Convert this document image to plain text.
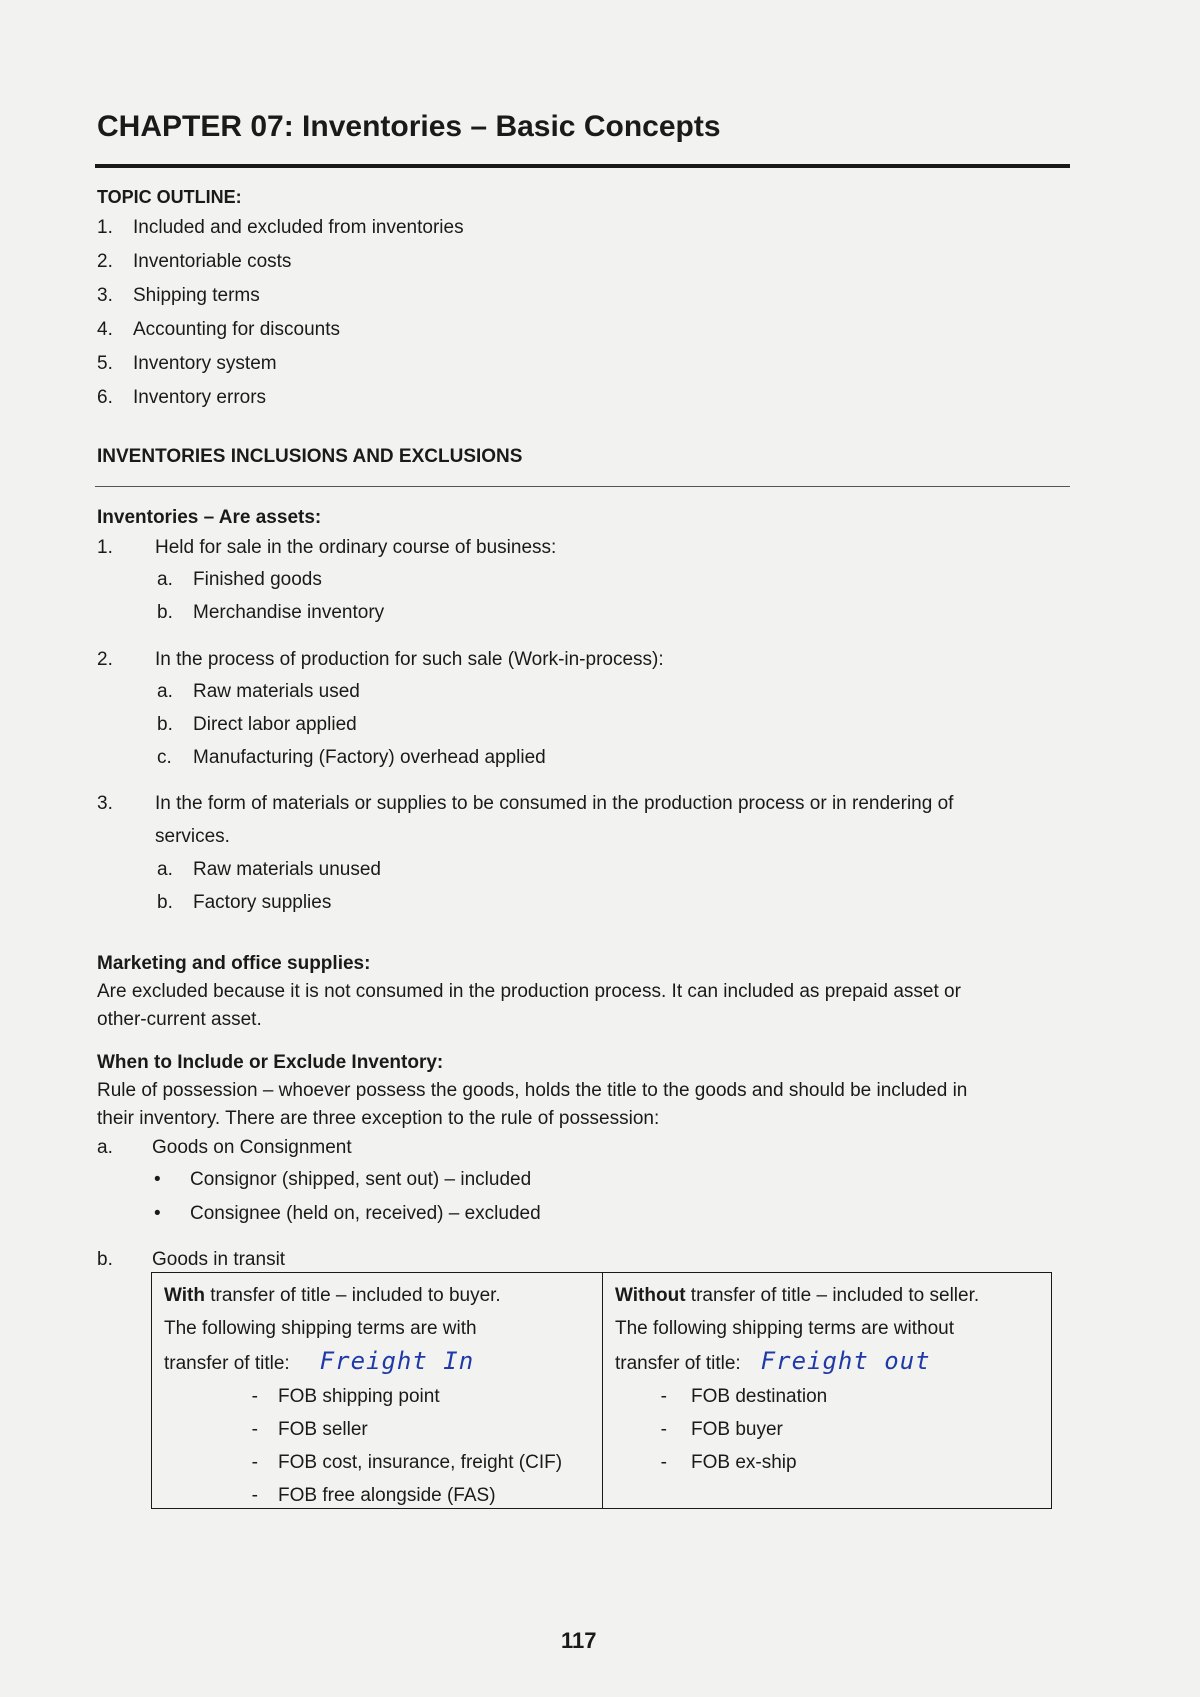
CHAPTER 07: Inventories – Basic Concepts
TOPIC OUTLINE:
1. Included and excluded from inventories
2. Inventoriable costs
3. Shipping terms
4. Accounting for discounts
5. Inventory system
6. Inventory errors
INVENTORIES INCLUSIONS AND EXCLUSIONS
Inventories – Are assets:
1. Held for sale in the ordinary course of business:
a. Finished goods
b. Merchandise inventory
2. In the process of production for such sale (Work-in-process):
a. Raw materials used
b. Direct labor applied
c. Manufacturing (Factory) overhead applied
3. In the form of materials or supplies to be consumed in the production process or in rendering of
services.
a. Raw materials unused
b. Factory supplies
Marketing and office supplies:
Are excluded because it is not consumed in the production process. It can included as prepaid asset or
other-current asset.
When to Include or Exclude Inventory:
Rule of possession – whoever possess the goods, holds the title to the goods and should be included in
their inventory. There are three exception to the rule of possession:
a. Goods on Consignment
• Consignor (shipped, sent out) – included
• Consignee (held on, received) – excluded
b. Goods in transit
With transfer of title – included to buyer.
The following shipping terms are with
transfer of title: Freight In
- FOB shipping point
- FOB seller
- FOB cost, insurance, freight (CIF)
- FOB free alongside (FAS)
Without transfer of title – included to seller.
The following shipping terms are without
transfer of title: Freight out
- FOB destination
- FOB buyer
- FOB ex-ship
117
